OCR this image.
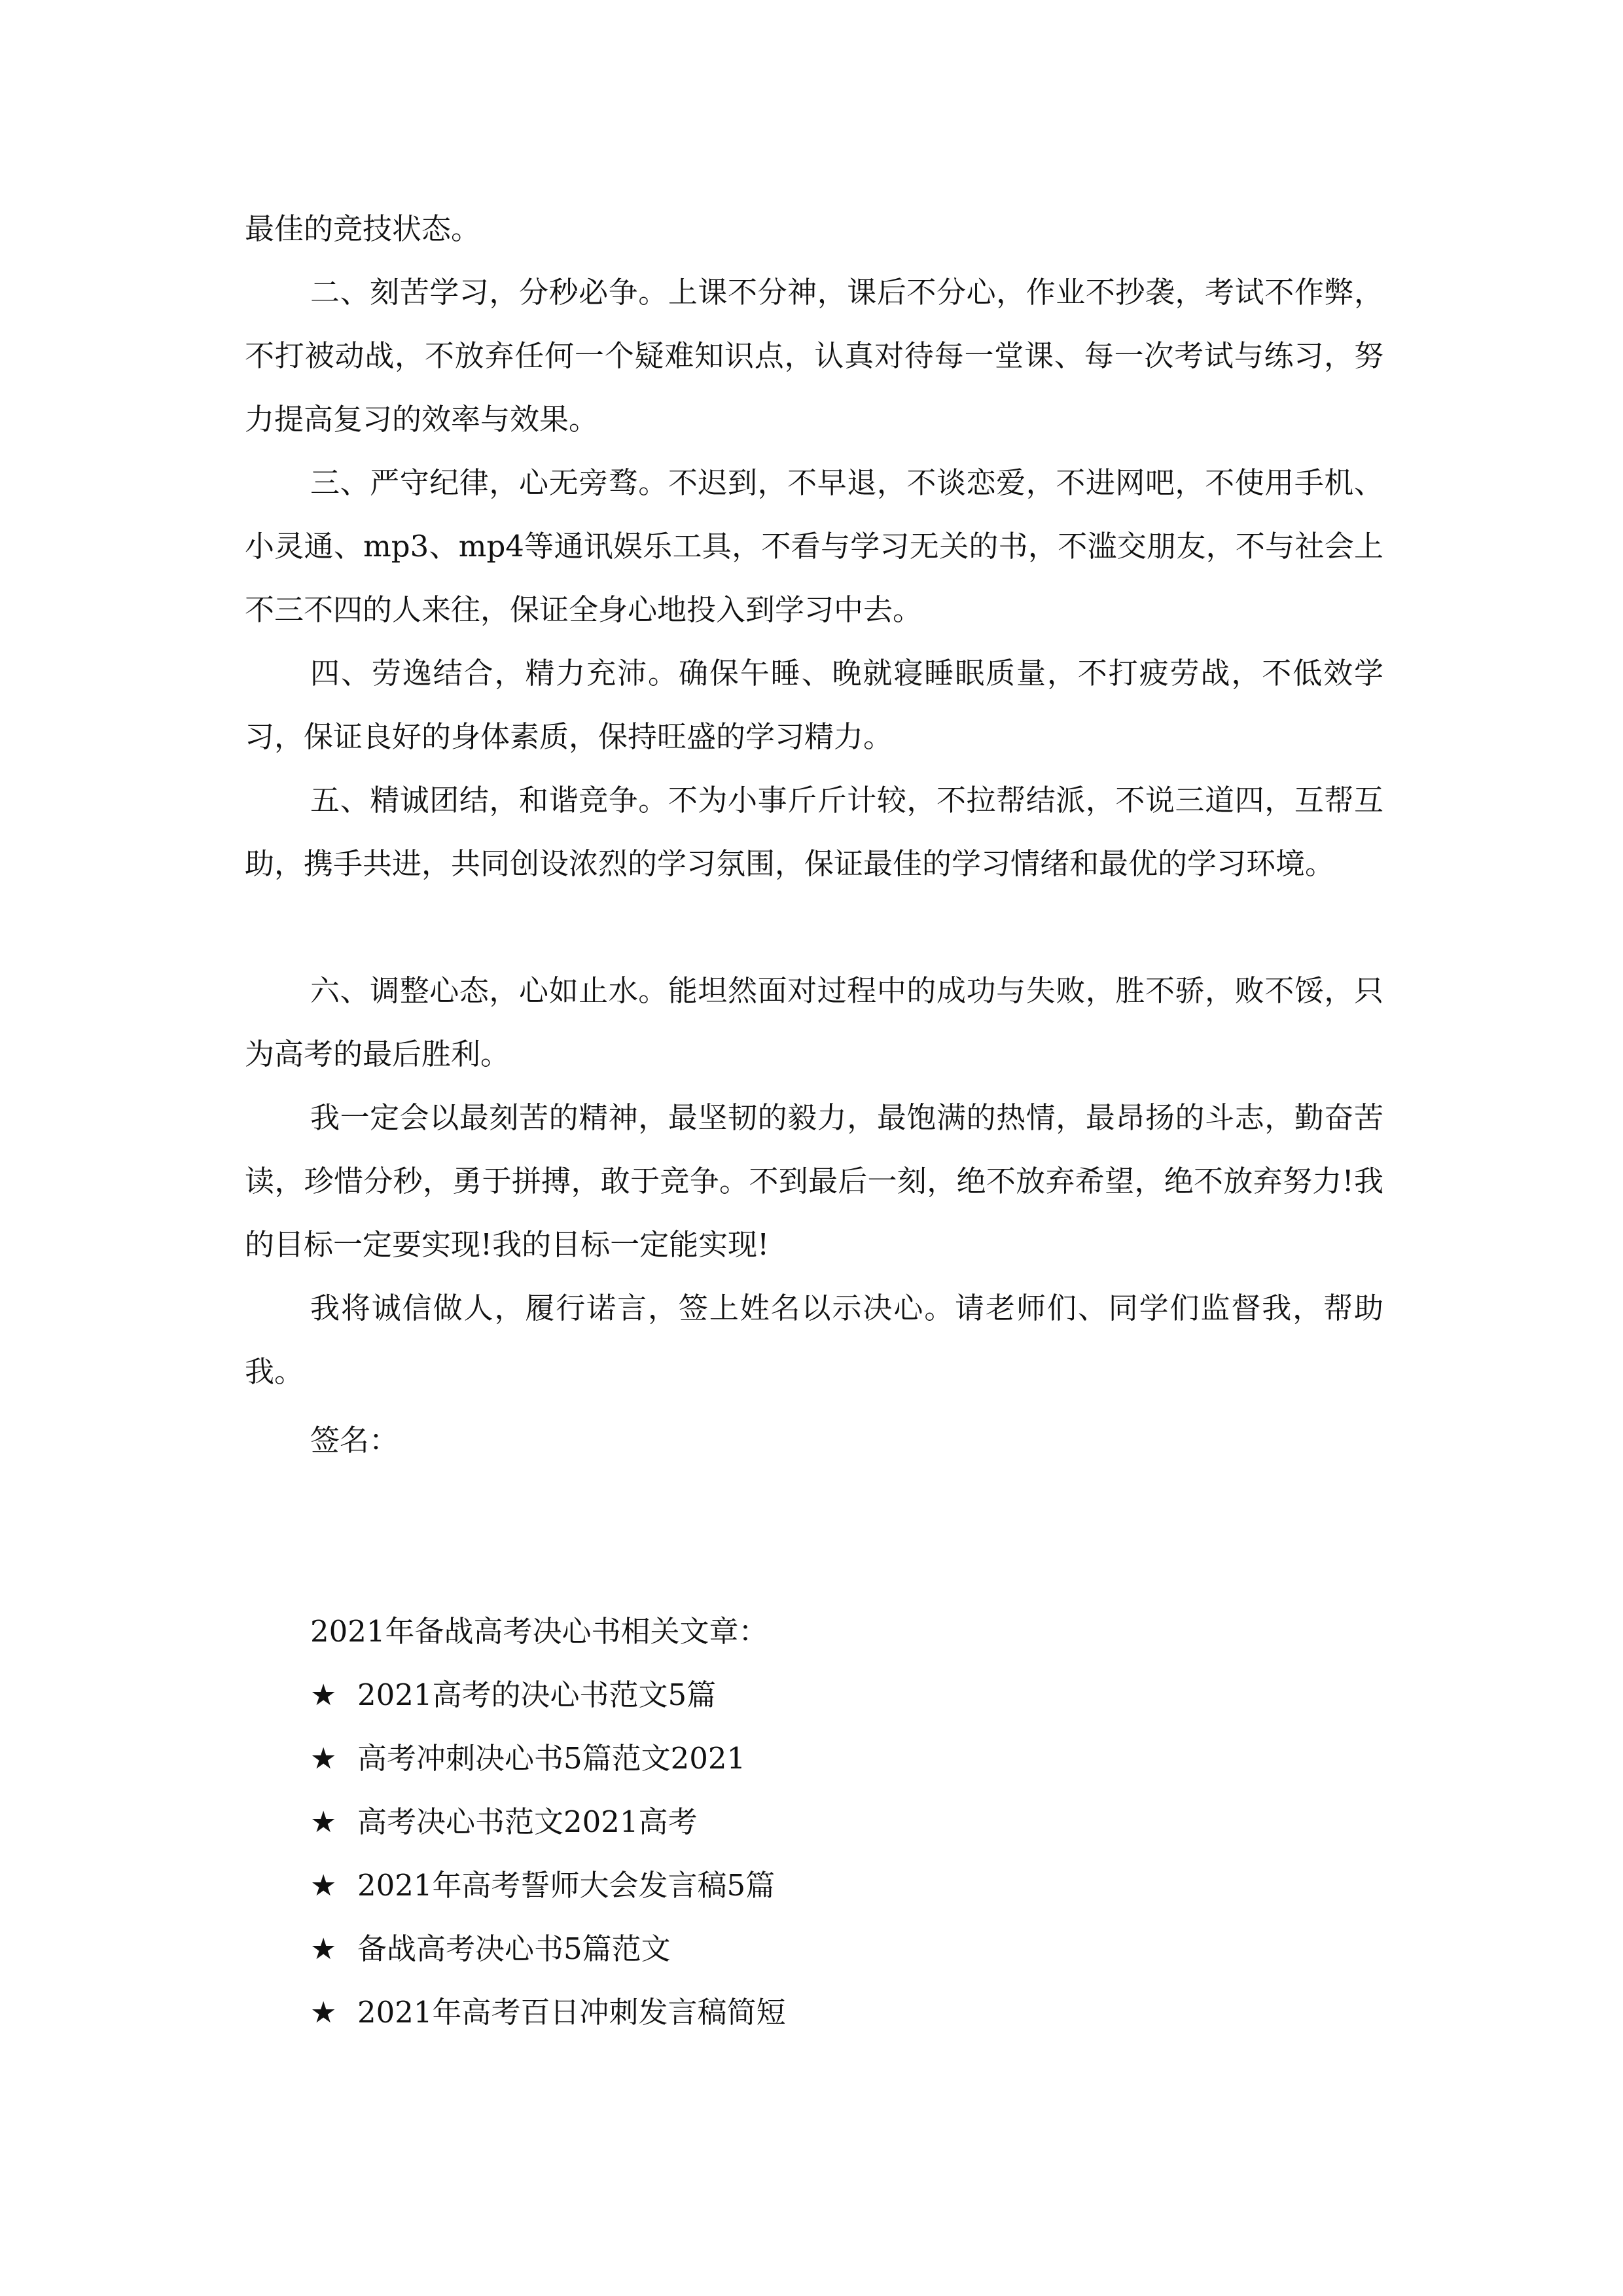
最佳的竞技状态。

二、刻苦学习，分秒必争。上课不分神，课后不分心，作业不抄袭，考试不作弊，不打被动战，不放弃任何一个疑难知识点，认真对待每一堂课、每一次考试与练习，努力提高复习的效率与效果。

三、严守纪律，心无旁骛。不迟到，不早退，不谈恋爱，不进网吧，不使用手机、小灵通、mp3、mp4等通讯娱乐工具，不看与学习无关的书，不滥交朋友，不与社会上不三不四的人来往，保证全身心地投入到学习中去。

四、劳逸结合，精力充沛。确保午睡、晚就寝睡眠质量，不打疲劳战，不低效学习，保证良好的身体素质，保持旺盛的学习精力。

五、精诚团结，和谐竞争。不为小事斤斤计较，不拉帮结派，不说三道四，互帮互助，携手共进，共同创设浓烈的学习氛围，保证最佳的学习情绪和最优的学习环境。

六、调整心态，心如止水。能坦然面对过程中的成功与失败，胜不骄，败不馁，只为高考的最后胜利。

我一定会以最刻苦的精神，最坚韧的毅力，最饱满的热情，最昂扬的斗志，勤奋苦读，珍惜分秒，勇于拼搏，敢于竞争。不到最后一刻，绝不放弃希望，绝不放弃努力!我的目标一定要实现!我的目标一定能实现!

我将诚信做人，履行诺言，签上姓名以示决心。请老师们、同学们监督我，帮助我。

签名：

2021年备战高考决心书相关文章：

★ 2021高考的决心书范文5篇
★ 高考冲刺决心书5篇范文2021
★ 高考决心书范文2021高考
★ 2021年高考誓师大会发言稿5篇
★ 备战高考决心书5篇范文
★ 2021年高考百日冲刺发言稿简短
